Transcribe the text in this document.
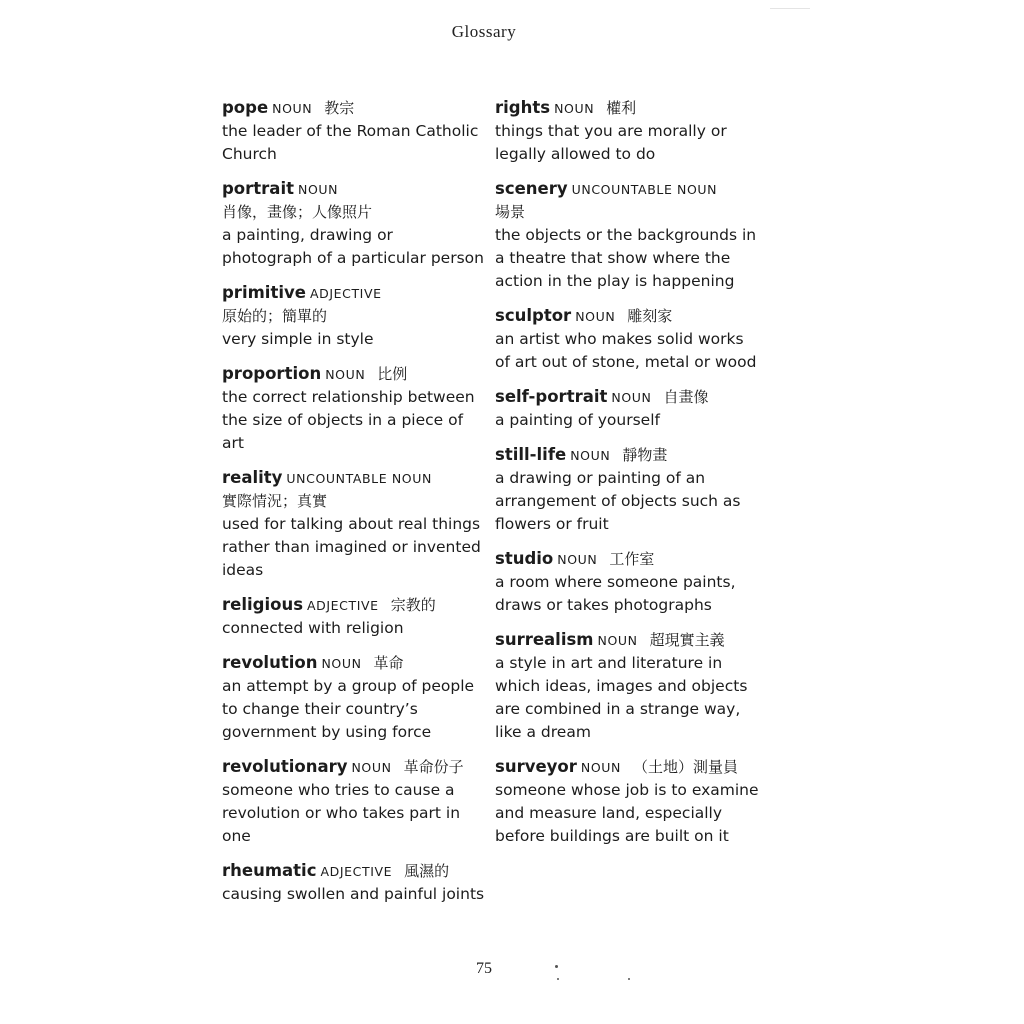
Glossary
pope NOUN 教宗
the leader of the Roman Catholic Church
portrait NOUN
肖像，畫像；人像照片
a painting, drawing or photograph of a particular person
primitive ADJECTIVE
原始的；簡單的
very simple in style
proportion NOUN 比例
the correct relationship between the size of objects in a piece of art
reality UNCOUNTABLE NOUN
實際情況；真實
used for talking about real things rather than imagined or invented ideas
religious ADJECTIVE 宗教的
connected with religion
revolution NOUN 革命
an attempt by a group of people to change their country’s government by using force
revolutionary NOUN 革命份子
someone who tries to cause a revolution or who takes part in one
rheumatic ADJECTIVE 風濕的
causing swollen and painful joints
rights NOUN 權利
things that you are morally or legally allowed to do
scenery UNCOUNTABLE NOUN
場景
the objects or the backgrounds in a theatre that show where the action in the play is happening
sculptor NOUN 雕刻家
an artist who makes solid works of art out of stone, metal or wood
self-portrait NOUN 自畫像
a painting of yourself
still-life NOUN 靜物畫
a drawing or painting of an arrangement of objects such as flowers or fruit
studio NOUN 工作室
a room where someone paints, draws or takes photographs
surrealism NOUN 超現實主義
a style in art and literature in which ideas, images and objects are combined in a strange way, like a dream
surveyor NOUN （土地）測量員
someone whose job is to examine and measure land, especially before buildings are built on it
75
